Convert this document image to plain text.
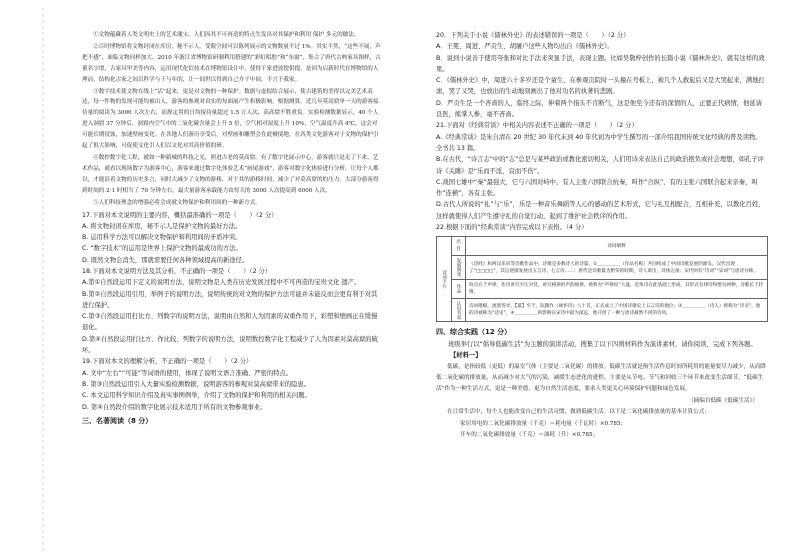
①文物蕴藏着人类文明史上的艺术瑰宝，人们因其不可再造的特点生发出对其保护和利用 保护 多元的做法。

②百时博物馆将文物封闭在库房，秘不示人。受限空间可以陈列展示的文物数量不过 1%。其实不然，“这些不展，声把不感”，面临文物同样加大。2010 年浙江省博物馆研制利用搭建的“彩虹唱腔”和“东窗”，集合了唐代古典家具图样，古董名字谱，古家具审美等内容，运用现代化信技术在博物馆设计中，使得千家进放提供提，是因为启新时代在博物馆的人理而，结构化古家之间以科学与千与年的，让一间世以得到自己介于中间，不言于我家。

③数字技术使文物在线上“活”起来，更是对文物的一种保护。数据与虚拟结合展示，使古建筑的美得以完美艺术表达，每一件物的发现可能均被出人，游客的参观对真实的每面展产生积极影响。根据测算，近几年莫高窟单一天的游客接待量的阅读为 3000 人次左右，而规定用的日均接待量超过 1.5 万人次，高高窟不胜重负。实验检测数据显示，40 个人进入洞窟 37 分钟后，洞窟内空气中的二氧化碳含量会上升 5 倍，空气相对湿度上升 10%，空气温度升高 4℃，这会对可能长期侵蚀，加速壁画变化。在各地人们游历享受后，对壁画和雕塑会在此极境地，在各类文化游客对于文物的保护引起了很大影响，可促使文化引人们以文化对其高价值的研。

④数控数字化工程，就如一种新城的科技之光，照进古老的莫高窟。有了数字化展示中心，游客就只是走了下来，艺术作品，就看以现场数字为游客中心，游客来通过数字化体验艺术“画尾游戏”，游客对数字化体验进行分析，让每个人都以，才能沿着文物的历史多言，同时大减少了文物的游移，对于其的游移时间，减少了对莫高窟的的压力。大部分游客得到时间的 2·1 时相当了 70 分钟左右，最大量游客承载能力由每天的 3000 人次提高到 6000 人次。

⑤人们科技理念的增强必将会成就文物保护和利用间的一种新方式。

17.下面对本文说明的主要内容，概括最准确的一项是（　　）（2 分）

A. 将文物封闭在库房，秘不示人是保护文物的最好方法。

B. 运用科学方法可以解决文物保护和利用间的矛盾冲突。

C. “数字技术”的运用是世界上保护文物的最成功的方法。

D. 既然文物会消失，那就需要任何各种领域提高的新途径。

18.下面对本文说明方法及其分析，不正确的一项是（　　）（2 分）

A.第①自然段运用下定义的说明方法，说明文物是人类在历史发展过程中不可再造的宝贵文化 遗产。

B.第②自然段运用引用、举例子的说明方法，说明传统的对文物的保护方法可能并未能反而会更有利于对其进行保护。

C.第③自然段运用打比方、列数字的说明方法，说明由自然和人为因素的双重作用下，彩塑和壁画正在缓慢退化。

D.第④自然段运用打比方、作比较、列数字的说明方法，说明数控数字化工程减少了人为因素对莫高窟的破坏。

19.下面对本文的理解分析，不正确的一项是（　　）（2 分）

A. 文中“左右”“可能”等词语的使用，体现了说明文语言准确、严密的特点。

B. 第③自然段运用引入大量实验检测数据，说明游客的参观对莫高窟带来的隐患。

C. 本文运用科学知识介绍及真实事例例举，介绍了文物的保护和利用的相关问题。

D. 第④自然段介绍的数字化展示技术适用于所有的文物参观事业。

三、名著阅读（8 分）

20．下列关于小说《儒林外史》的表述错误的一项是（　　）（2 分）

A．王冕、周进、严贡生、胡屠户这些人物均出自《儒林外史》。

B．说到小说善于使用夸张和对比手法来突显手法，表现主题。比如吴敬梓创作的长篇小说《儒林外史》，就有这样的效果。

C．《儒林外史》中，周进六十多岁还是个童生，在参观贡院时一头撞在号板上，被几个人救起后又是大哭起来，满地打滚，哭了又哭，也放出的生动地刻画出了他对功名的执著的悲剧。

D．严贡生是一个吝啬的人，临终之际，伸着两个指头不肯断气，这是他至今还有的深情的人，正要正代病情，他延请良医，熊掌人参，毫不吝啬。

21.下面对《经典常谈》中相关内容表述不正确的一项是（　　）（2 分）

A.《经典常谈》是朱自清在 20 世纪 30 年代末到 40 年代初为中学生撰写的一部介绍我国传统文化经典的普及读物。全书共 13 篇。

B.在古代，“诗言志”中的“志”总是与某些政治或教化密切相关，人们用诗来表达自己的政治抱负或社会理想，如孔子评诗《关雎》是“乐而不淫，哀而不伤”。

C.战国七雄中“秦”最强大，它与六国对峙中，有人主张六国联合抗秦，叫作“合纵”，有的主张六国联合起来亲秦，叫作“连横”，各有主张。

D.古代人所说的“礼”与“乐”，乐是一种音乐舞蹈等人心的感动的艺术形式，它与礼互相配合，互相补充，以教化百姓，这样就使得人们产生遵守礼的自觉行动，起到了维护社会秩序的作用。

22.根据下面的“经典常谈”内容完成以下表格。（4 分）

诗词卡片	名目	诗词阐释
	发展演变	《诗经》和两汉乐府等诗歌作品中，诗歌是多数诗人的诗篇，①＿＿＿＿＿（作品名称）共同构成了中国诗歌发展的源头。汉代出现了“□□□□”，其后逐渐发展出五言诗、七言诗……；唐代是诗歌最为繁荣的时期，诗人辈出，诗体完备；宋代则有“诗词”“宋词”与唐诗并称。
	作品	特点在于声律，作诗讲究平仄对仗，讲究格律的声韵规律，被称为“声律说”大盛，近体诗在此基础上形成，其形式有律诗和绝句两种，诗歌长于抒情。
	认识名家	诗词歌赋，流派各异。【最】至于，阮籍作《咏怀诗》八十首，正式成立了中国诗歌史上五言诗的地位；③＿＿＿＿＿（诗人）被称为“诗圣”，他的诗被称为“诗史”，④＿＿＿＿＿的影响在宋诗中最为深远，他开创了一种与唐诗截然不同的诗风。

四、综合实践（12 分）

班级举行以“倡导低碳生活”为主题的演讲活动，搜集了以下四则材料作为演讲素材，请你阅读，完成下列各题。

【材料一】

低碳，是指较低（更低）的温室气体（主要是二氧化碳）的排放。低碳生活就是指生活作息时间所耗用的能量要尽力减少，从而降低二氧化碳的排放量，从而减少对大气的污染，减缓生态恶化的进程。主要是从节电、节气和回收三个环节来改变生活细节。“低碳生活”作为一种生活方式，更是一种美德，更为自然生活态度，要求人类更关心环境保护问题和绿色发展。

（摘编自低碳《低碳生活》）

在日常生活中，每个人也能改变自己的生活习惯，做到低碳生活。以下是二氧化碳排放量的基本计算公式：

家居用电的二氧化碳排放量（千克）＝耗电量（千瓦时）×0.785；

开车的二氧化碳排放量（千克）＝油耗（升）×0.785；
